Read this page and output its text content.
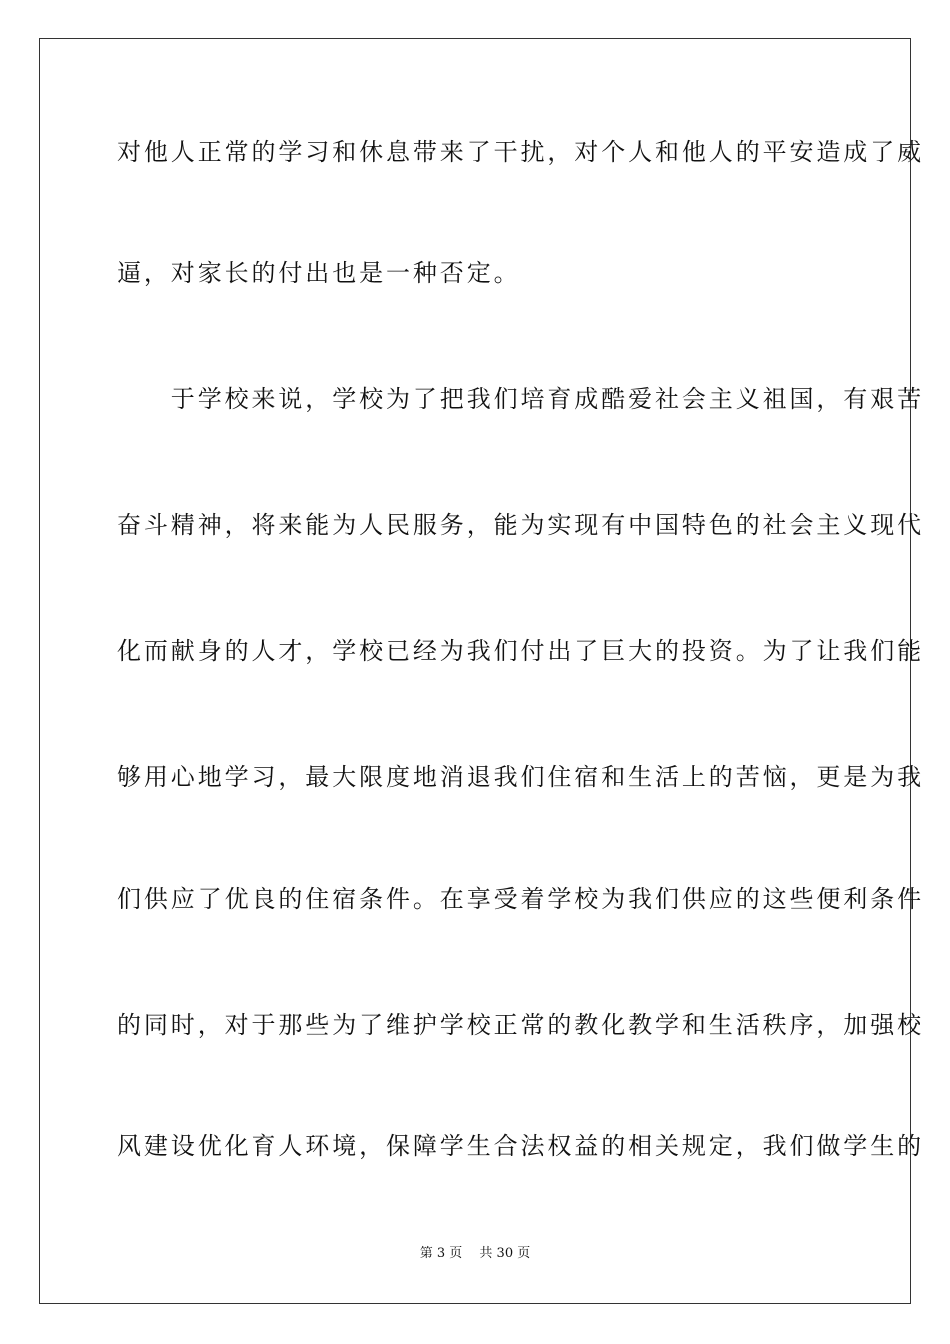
对他人正常的学习和休息带来了干扰，对个人和他人的平安造成了威
逼，对家长的付出也是一种否定。
　　于学校来说，学校为了把我们培育成酷爱社会主义祖国，有艰苦
奋斗精神，将来能为人民服务，能为实现有中国特色的社会主义现代
化而献身的人才，学校已经为我们付出了巨大的投资。为了让我们能
够用心地学习，最大限度地消退我们住宿和生活上的苦恼，更是为我
们供应了优良的住宿条件。在享受着学校为我们供应的这些便利条件
的同时，对于那些为了维护学校正常的教化教学和生活秩序，加强校
风建设优化育人环境，保障学生合法权益的相关规定，我们做学生的
第 3 页　 共 30 页
